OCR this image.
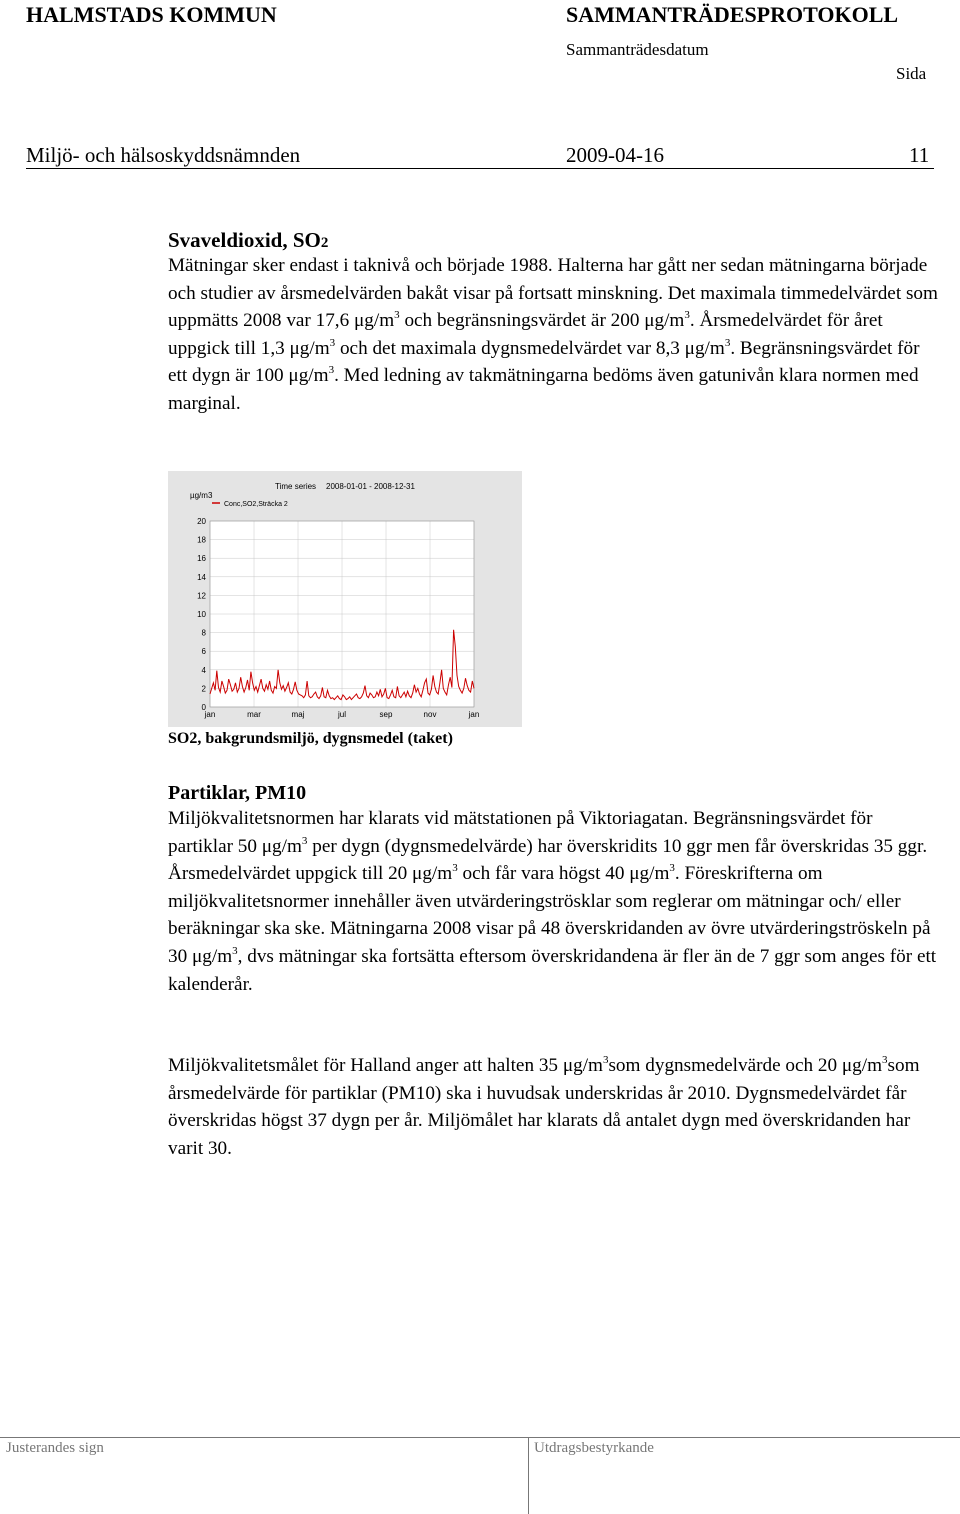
HALMSTADS KOMMUN	SAMMANTRÄDESPROTOKOLL
Sammanträdesdatum
Sida
Miljö- och hälsoskyddsnämnden	2009-04-16	11
Svaveldioxid, SO2

Mätningar sker endast i taknivå och började 1988. Halterna har gått ner sedan mätningarna började och studier av årsmedelvärden bakåt visar på fortsatt minskning. Det maximala timmedelvärdet som uppmätts 2008 var 17,6 $\mu g/m^3$ och begränsningsvärdet är 200 $\mu g/m^3$. Årsmedelvärdet för året uppgick till 1,3 $\mu g/m^3$ och det maximala dygnsmedelvärdet var 8,3 $\mu g/m^3$. Begränsningsvärdet för ett dygn är 100 $\mu g/m^3$. Med ledning av takmätningarna bedöms även gatunivån klara normen med marginal.

Time series 2008-01-01 - 2008-12-31
µg/m3
Conc,SO2,Sträcka 2
0
2
4
6
8
10
12
14
16
18
20
jan	mar	maj	jul	sep	nov	jan
SO2, bakgrundsmiljö, dygnsmedel (taket)
Partiklar, PM10

Miljökvalitetsnormen har klarats vid mätstationen på Viktoriagatan. Begränsningsvärdet för partiklar 50 $\mu g/m^3$ per dygn (dygnsmedelvärde) har överskridits 10 ggr men får överskridas 35 ggr. Årsmedelvärdet uppgick till 20 $\mu g/m^3$ och får vara högst 40 $\mu g/m^3$. Föreskrifterna om miljökvalitetsnormer innehåller även utvärderingströsklar som reglerar om mätningar och/ eller beräkningar ska ske. Mätningarna 2008 visar på 48 överskridanden av övre utvärderingströskeln på 30 $\mu g/m^3$, dvs mätningar ska fortsätta eftersom överskridandena är fler än de 7 ggr som anges för ett kalenderår.

Miljökvalitetsmålet för Halland anger att halten 35 $\mu g/m^3som$ dygnsmedelvärde och 20 $\mu g/m^3som$ årsmedelvärde för partiklar (PM10) ska i huvudsak underskridas år 2010. Dygnsmedelvärdet får överskridas högst 37 dygn per år. Miljömålet har klarats då antalet dygn med överskridanden har varit 30.

Justerandes sign	Utdragsbestyrkande
